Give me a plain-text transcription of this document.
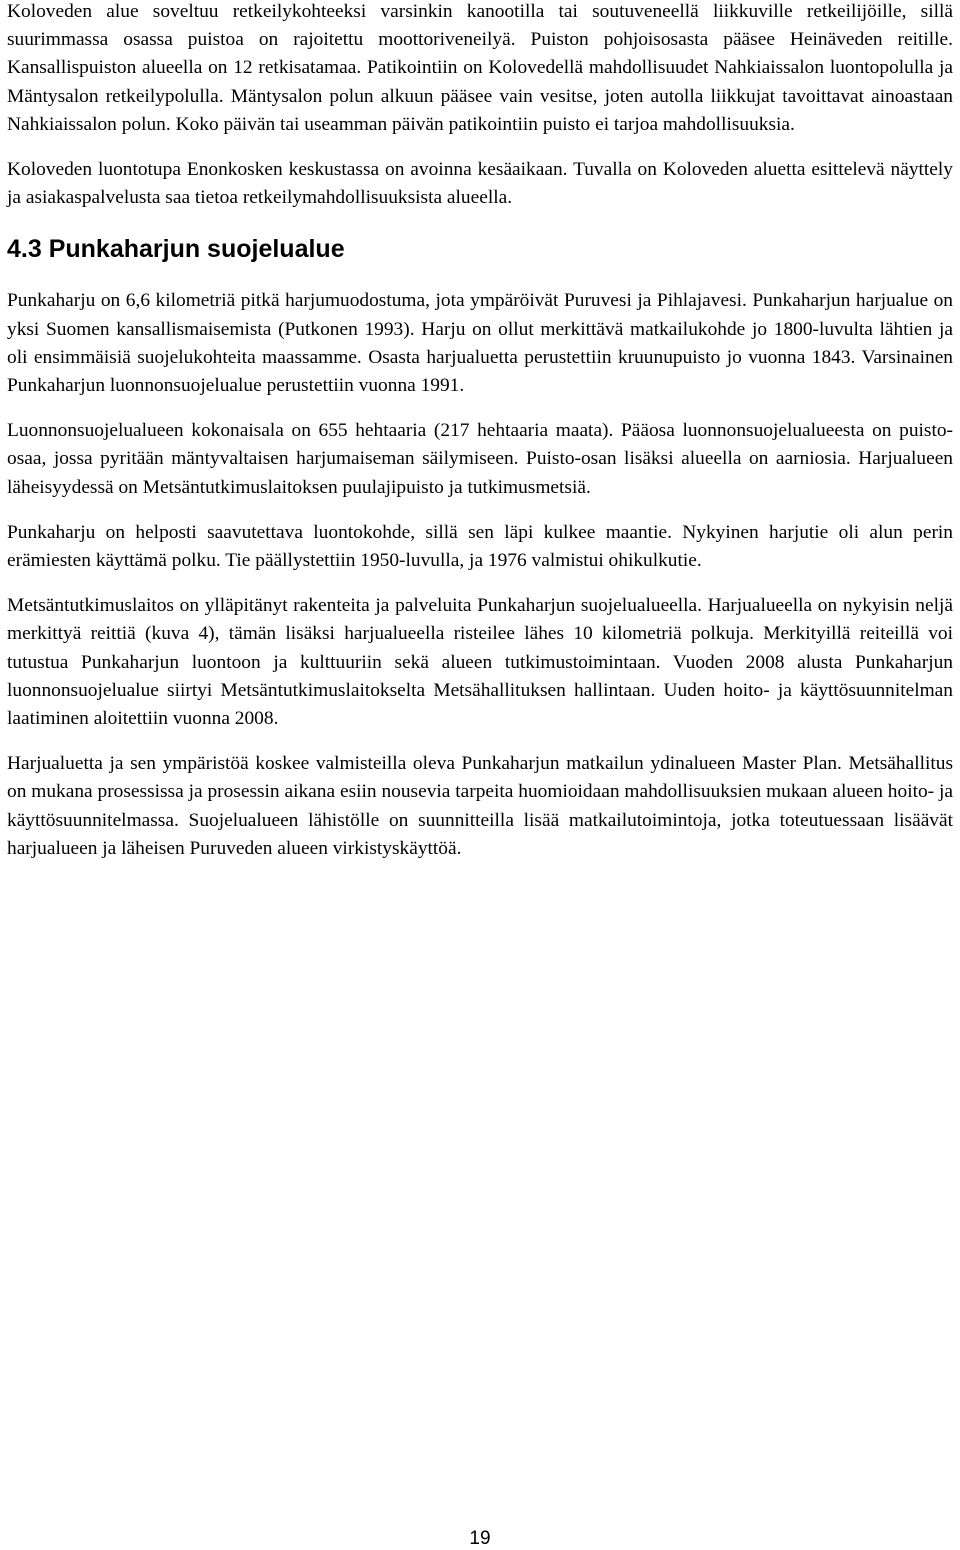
Koloveden alue soveltuu retkeilykohteeksi varsinkin kanootilla tai soutuveneellä liikkuville retkeilijöille, sillä suurimmassa osassa puistoa on rajoitettu moottoriveneilyä. Puiston pohjoisosasta pääsee Heinäveden reitille. Kansallispuiston alueella on 12 retkisatamaa. Patikointiin on Kolovedellä mahdollisuudet Nahkiaissalon luontopolulla ja Mäntysalon retkeilypolulla. Mäntysalon polun alkuun pääsee vain vesitse, joten autolla liikkujat tavoittavat ainoastaan Nahkiaissalon polun. Koko päivän tai useamman päivän patikointiin puisto ei tarjoa mahdollisuuksia.

Koloveden luontotupa Enonkosken keskustassa on avoinna kesäaikaan. Tuvalla on Koloveden aluetta esittelevä näyttely ja asiakaspalvelusta saa tietoa retkeilymahdollisuuksista alueella.

4.3 Punkaharjun suojelualue

Punkaharju on 6,6 kilometriä pitkä harjumuodostuma, jota ympäröivät Puruvesi ja Pihlajavesi. Punkaharjun harjualue on yksi Suomen kansallismaisemista (Putkonen 1993). Harju on ollut merkittävä matkailukohde jo 1800-luvulta lähtien ja oli ensimmäisiä suojelukohteita maassamme. Osasta harjualuetta perustettiin kruunupuisto jo vuonna 1843. Varsinainen Punkaharjun luonnonsuojelualue perustettiin vuonna 1991.

Luonnonsuojelualueen kokonaisala on 655 hehtaaria (217 hehtaaria maata). Pääosa luonnonsuojelualueesta on puisto-osaa, jossa pyritään mäntyvaltaisen harjumaiseman säilymiseen. Puisto-osan lisäksi alueella on aarniosia. Harjualueen läheisyydessä on Metsäntutkimuslaitoksen puulajipuisto ja tutkimusmetsiä.

Punkaharju on helposti saavutettava luontokohde, sillä sen läpi kulkee maantie. Nykyinen harjutie oli alun perin erämiesten käyttämä polku. Tie päällystettiin 1950-luvulla, ja 1976 valmistui ohikulkutie.

Metsäntutkimuslaitos on ylläpitänyt rakenteita ja palveluita Punkaharjun suojelualueella. Harjualueella on nykyisin neljä merkittyä reittiä (kuva 4), tämän lisäksi harjualueella risteilee lähes 10 kilometriä polkuja. Merkityillä reiteillä voi tutustua Punkaharjun luontoon ja kulttuuriin sekä alueen tutkimustoimintaan. Vuoden 2008 alusta Punkaharjun luonnonsuojelualue siirtyi Metsäntutkimuslaitokselta Metsähallituksen hallintaan. Uuden hoito- ja käyttösuunnitelman laatiminen aloitettiin vuonna 2008.

Harjualuetta ja sen ympäristöä koskee valmisteilla oleva Punkaharjun matkailun ydinalueen Master Plan. Metsähallitus on mukana prosessissa ja prosessin aikana esiin nousevia tarpeita huomioidaan mahdollisuuksien mukaan alueen hoito- ja käyttösuunnitelmassa. Suojelualueen lähistölle on suunnitteilla lisää matkailutoimintoja, jotka toteutuessaan lisäävät harjualueen ja läheisen Puruveden alueen virkistyskäyttöä.

19
